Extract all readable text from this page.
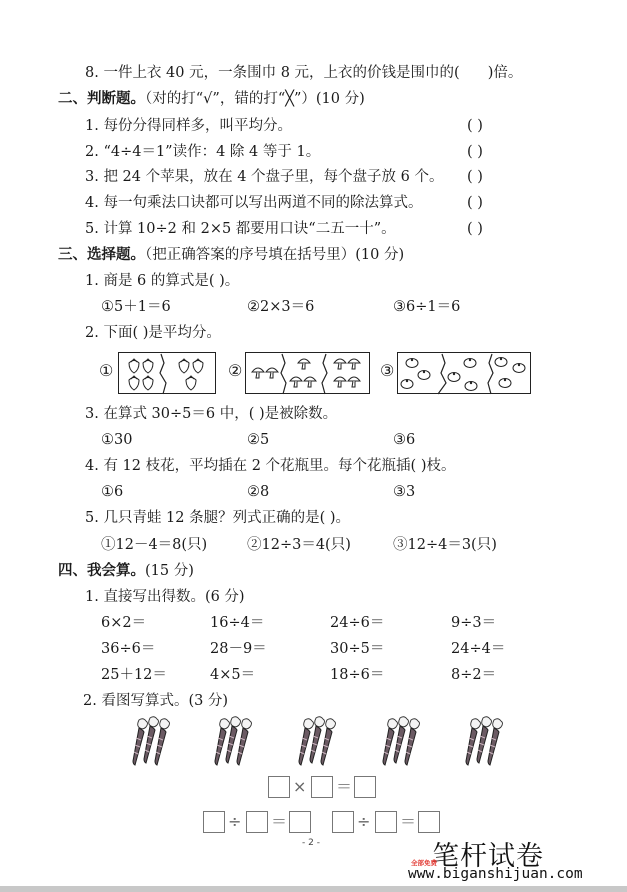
8. 一件上衣 40 元，一条围巾 8 元，上衣的价钱是围巾的( )倍。
二、判断题。（对的打“√”，错的打“╳”）(10 分)
1. 每份分得同样多，叫平均分。	( )
2. “4÷4＝1”读作：4 除 4 等于 1。	( )
3. 把 24 个苹果，放在 4 个盘子里，每个盘子放 6 个。 ( )
4. 每一句乘法口诀都可以写出两道不同的除法算式。	( )
5. 计算 10÷2 和 2×5 都要用口诀“二五一十”。	( )
三、选择题。（把正确答案的序号填在括号里）(10 分)
1. 商是 6 的算式是( )。
①5＋1＝6	②2×3＝6	③6÷1＝6
2. 下面( )是平均分。
①	②	③
3. 在算式 30÷5＝6 中，( )是被除数。
①30	②5	③6
4. 有 12 枝花，平均插在 2 个花瓶里。每个花瓶插( )枝。
①6	②8	③3
5. 几只青蛙 12 条腿？列式正确的是( )。
①12－4＝8(只)	②12÷3＝4(只)	③12÷4＝3(只)
四、我会算。(15 分)
1. 直接写出得数。(6 分)
6×2＝	16÷4＝	24÷6＝	9÷3＝
36÷6＝	28－9＝	30÷5＝	24÷4＝
25＋12＝	4×5＝	18÷6＝	8÷2＝
2. 看图写算式。(3 分)
× ＝
÷ ＝	÷ ＝
- 2 -	笔杆试卷
全部免费
www.biganshijuan.com
